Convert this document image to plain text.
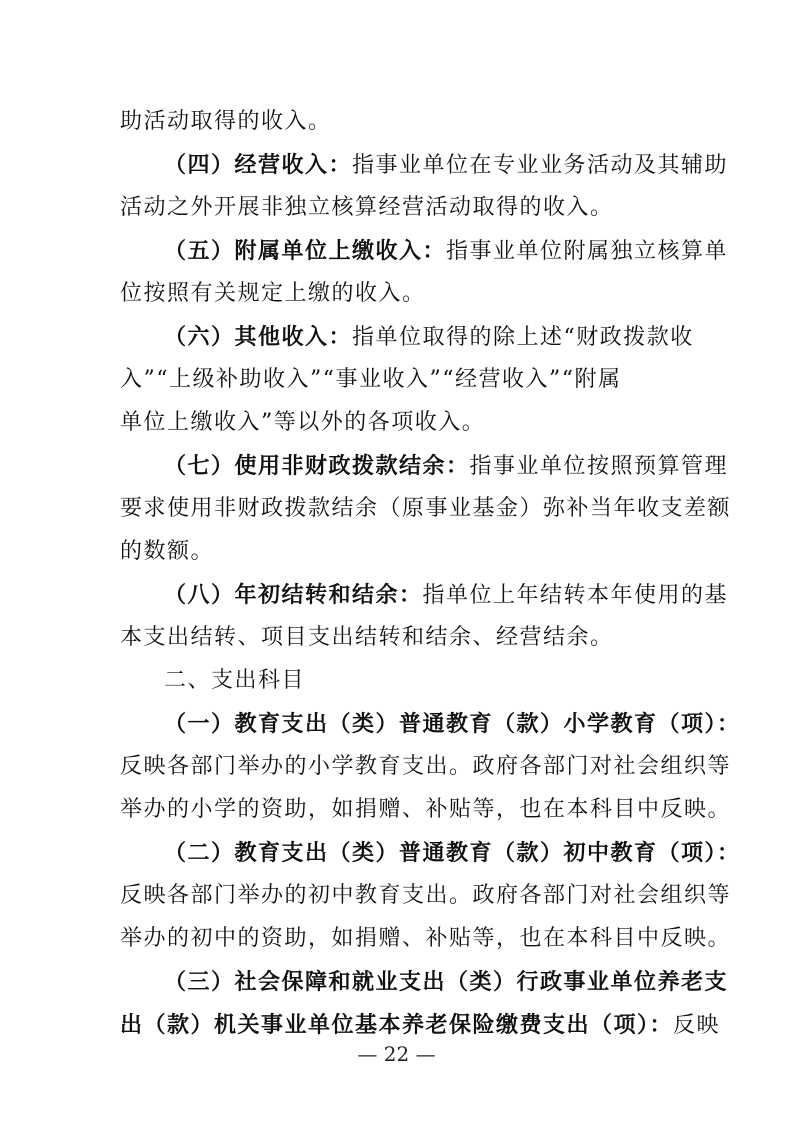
助活动取得的收入。
（四）经营收入：指事业单位在专业业务活动及其辅助
活动之外开展非独立核算经营活动取得的收入。
（五）附属单位上缴收入：指事业单位附属独立核算单
位按照有关规定上缴的收入。
（六）其他收入：指单位取得的除上述“财政拨款收
入”“上级补助收入”“事业收入”“经营收入”“附属
单位上缴收入”等以外的各项收入。
（七）使用非财政拨款结余：指事业单位按照预算管理
要求使用非财政拨款结余（原事业基金）弥补当年收支差额
的数额。
（八）年初结转和结余：指单位上年结转本年使用的基
本支出结转、项目支出结转和结余、经营结余。
二、支出科目
（一）教育支出（类）普通教育（款）小学教育（项）：
反映各部门举办的小学教育支出。政府各部门对社会组织等
举办的小学的资助，如捐赠、补贴等，也在本科目中反映。
（二）教育支出（类）普通教育（款）初中教育（项）：
反映各部门举办的初中教育支出。政府各部门对社会组织等
举办的初中的资助，如捐赠、补贴等，也在本科目中反映。
（三）社会保障和就业支出（类）行政事业单位养老支
出（款）机关事业单位基本养老保险缴费支出（项）：反映
— 22 —
